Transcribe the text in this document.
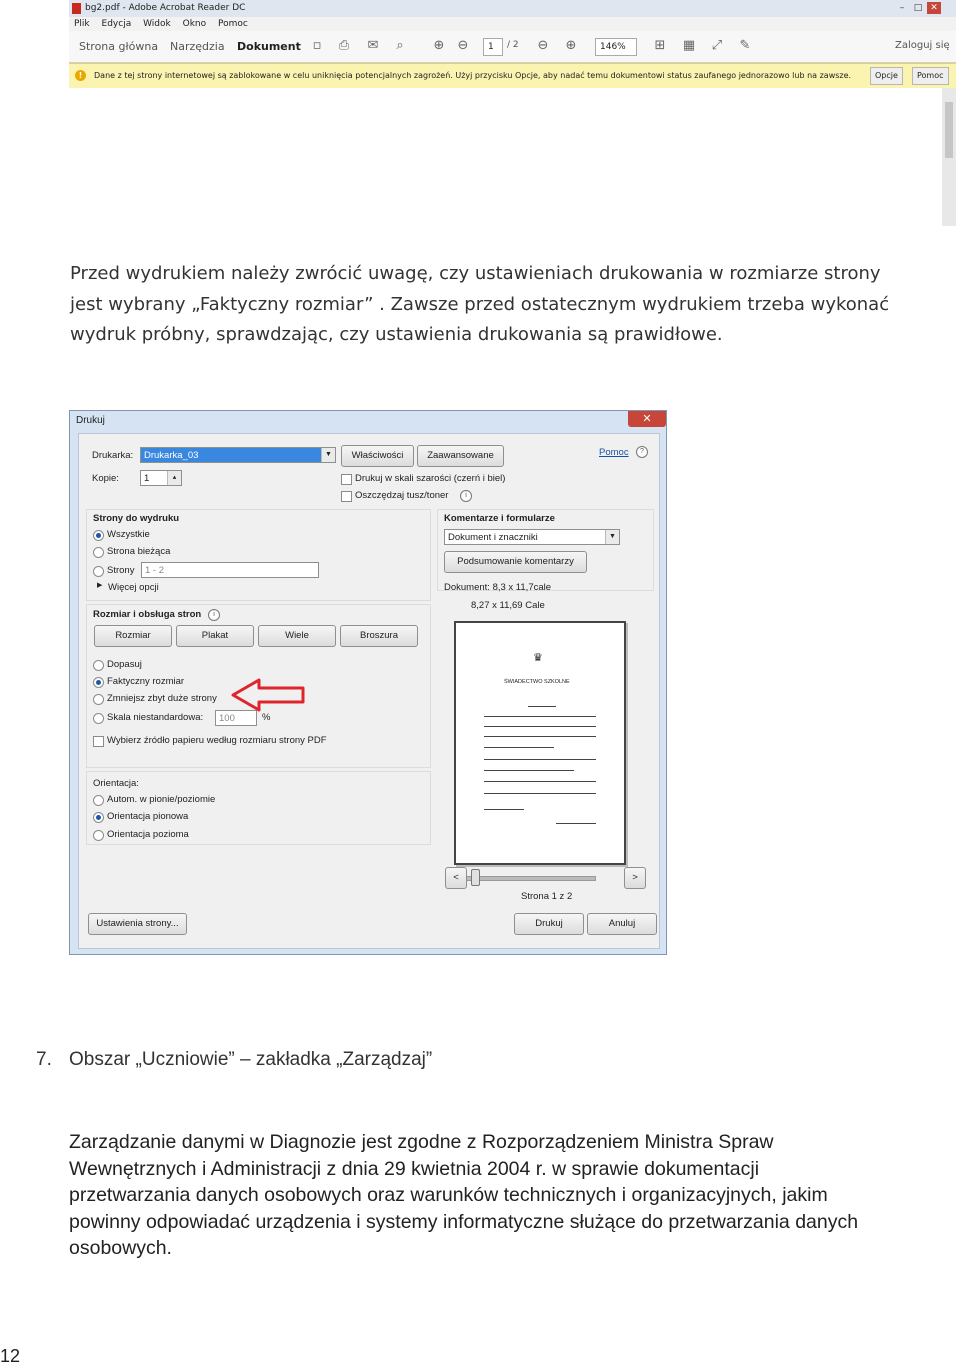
bg2.pdf - Adobe Acrobat Reader DC	–	□ ✕
Plik Edycja Widok Okno Pomoc
Strona główna Narzędzia Dokument ▫ ⎙ ✉	⌕	⊕ ⊖	1	/ 2 ⊖ ⊕	146%	⊞ ▦ ⤢ ✎	Zaloguj się
!	Dane z tej strony internetowej są zablokowane w celu uniknięcia potencjalnych zagrożeń. Użyj przycisku Opcje, aby nadać temu dokumentowi status zaufanego jednorazowo lub na zawsze.	Opcje	Pomoc
Przed wydrukiem należy zwrócić uwagę, czy ustawieniach drukowania w rozmiarze strony
jest wybrany „Faktyczny rozmiar” . Zawsze przed ostatecznym wydrukiem trzeba wykonać
wydruk próbny, sprawdzając, czy ustawienia drukowania są prawidłowe.
Drukuj	✕
Drukarka:	Drukarka_03	▼	Właściwości	Zaawansowane	Pomoc	?
Kopie:	1	▴	Drukuj w skali szarości (czerń i biel)
Oszczędzaj tusz/toner	i
Strony do wydruku
Wszystkie
Strona bieżąca
Strony	1 - 2
▶ Więcej opcji
Rozmiar i obsługa stron	i
Rozmiar	Plakat	Wiele	Broszura
Dopasuj
Faktyczny rozmiar
Zmniejsz zbyt duże strony
Skala niestandardowa:	100	%
Wybierz źródło papieru według rozmiaru strony PDF
Orientacja:
Autom. w pionie/poziomie
Orientacja pionowa
Orientacja pozioma
Komentarze i formularze
Dokument i znaczniki	▼
Podsumowanie komentarzy
Dokument: 8,3 x 11,7cale
8,27 x 11,69 Cale
♛
ŚWIADECTWO SZKOLNE
<	>
Strona 1 z 2
Ustawienia strony...	Drukuj	Anuluj
7. Obszar „Uczniowie” – zakładka „Zarządzaj”
Zarządzanie danymi w Diagnozie jest zgodne z Rozporządzeniem Ministra Spraw
Wewnętrznych i Administracji z dnia 29 kwietnia 2004 r. w sprawie dokumentacji
przetwarzania danych osobowych oraz warunków technicznych i organizacyjnych, jakim
powinny odpowiadać urządzenia i systemy informatyczne służące do przetwarzania danych
osobowych.
12
